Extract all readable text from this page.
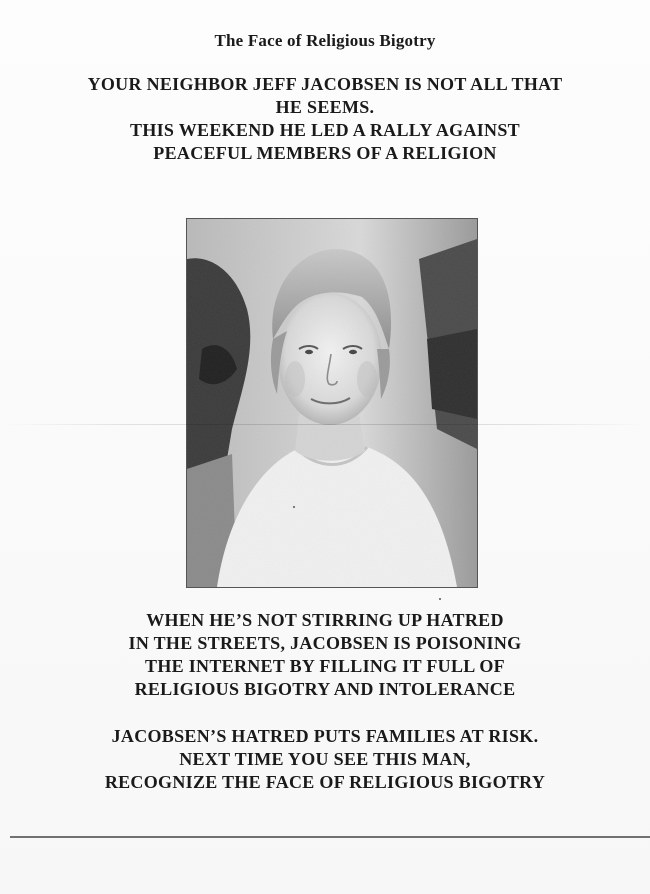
The Face of Religious Bigotry
YOUR NEIGHBOR JEFF JACOBSEN IS NOT ALL THAT
HE SEEMS.
THIS WEEKEND HE LED A RALLY AGAINST
PEACEFUL MEMBERS OF A RELIGION
WHEN HE’S NOT STIRRING UP HATRED
IN THE STREETS, JACOBSEN IS POISONING
THE INTERNET BY FILLING IT FULL OF
RELIGIOUS BIGOTRY AND INTOLERANCE
JACOBSEN’S HATRED PUTS FAMILIES AT RISK.
NEXT TIME YOU SEE THIS MAN,
RECOGNIZE THE FACE OF RELIGIOUS BIGOTRY
